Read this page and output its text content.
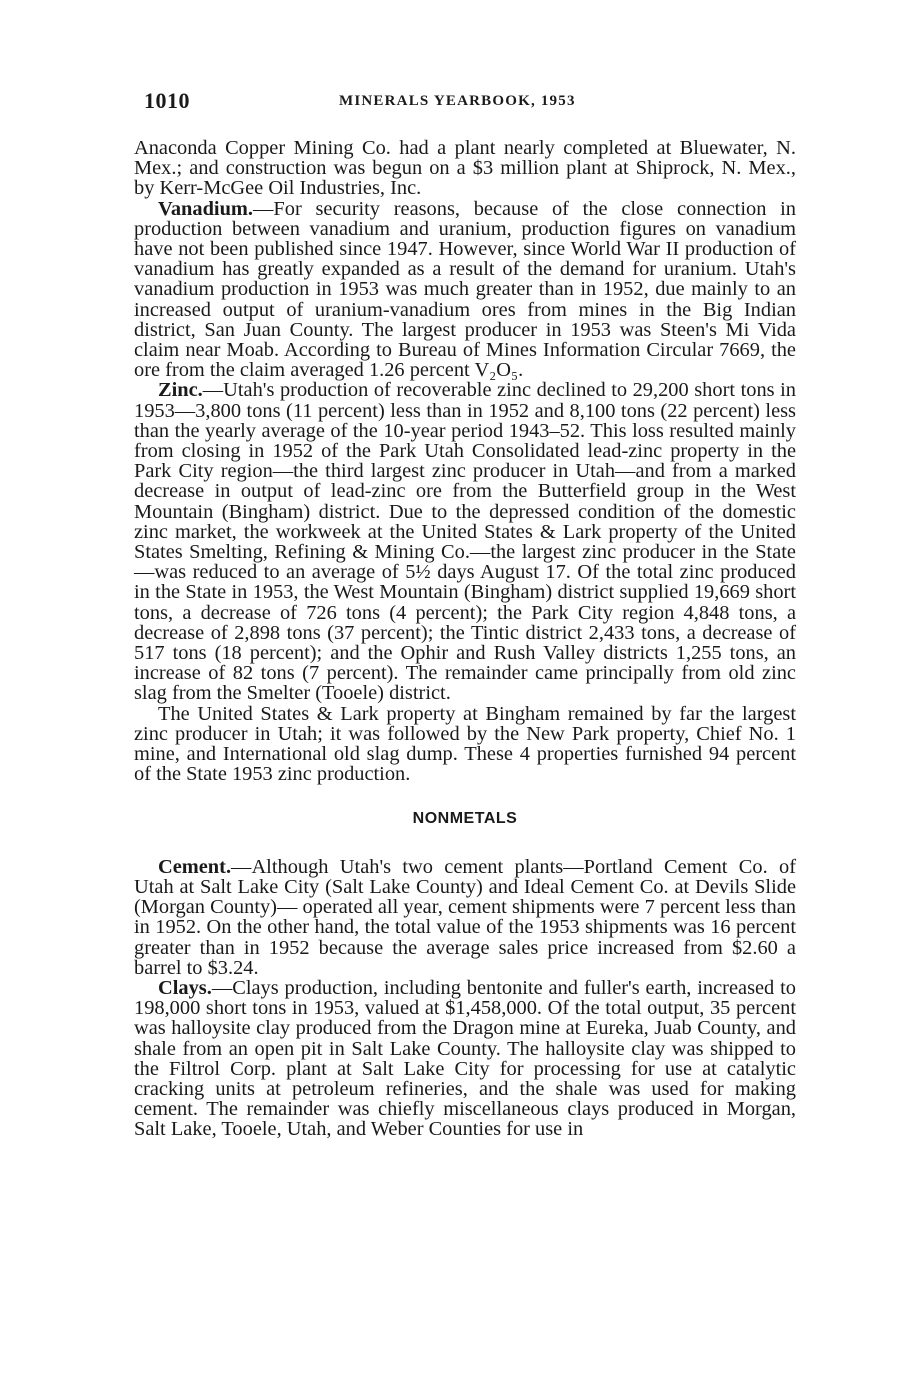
1010	MINERALS YEARBOOK, 1953

Anaconda Copper Mining Co. had a plant nearly completed at Bluewater, N. Mex.; and construction was begun on a $3 million plant at Shiprock, N. Mex., by Kerr-McGee Oil Industries, Inc.

Vanadium.—For security reasons, because of the close connection in production between vanadium and uranium, production figures on vanadium have not been published since 1947. However, since World War II production of vanadium has greatly expanded as a result of the demand for uranium. Utah's vanadium production in 1953 was much greater than in 1952, due mainly to an increased output of uranium-vanadium ores from mines in the Big Indian district, San Juan County. The largest producer in 1953 was Steen's Mi Vida claim near Moab. According to Bureau of Mines Information Circular 7669, the ore from the claim averaged 1.26 percent V₂O₅.

Zinc.—Utah's production of recoverable zinc declined to 29,200 short tons in 1953—3,800 tons (11 percent) less than in 1952 and 8,100 tons (22 percent) less than the yearly average of the 10-year period 1943–52. This loss resulted mainly from closing in 1952 of the Park Utah Consolidated lead-zinc property in the Park City region—the third largest zinc producer in Utah—and from a marked decrease in output of lead-zinc ore from the Butterfield group in the West Mountain (Bingham) district. Due to the depressed condition of the domestic zinc market, the workweek at the United States & Lark property of the United States Smelting, Refining & Mining Co.—the largest zinc producer in the State—was reduced to an average of 5½ days August 17. Of the total zinc produced in the State in 1953, the West Mountain (Bingham) district supplied 19,669 short tons, a decrease of 726 tons (4 percent); the Park City region 4,848 tons, a decrease of 2,898 tons (37 percent); the Tintic district 2,433 tons, a decrease of 517 tons (18 percent); and the Ophir and Rush Valley districts 1,255 tons, an increase of 82 tons (7 percent). The remainder came principally from old zinc slag from the Smelter (Tooele) district.

The United States & Lark property at Bingham remained by far the largest zinc producer in Utah; it was followed by the New Park property, Chief No. 1 mine, and International old slag dump. These 4 properties furnished 94 percent of the State 1953 zinc production.

NONMETALS

Cement.—Although Utah's two cement plants—Portland Cement Co. of Utah at Salt Lake City (Salt Lake County) and Ideal Cement Co. at Devils Slide (Morgan County)— operated all year, cement shipments were 7 percent less than in 1952. On the other hand, the total value of the 1953 shipments was 16 percent greater than in 1952 because the average sales price increased from $2.60 a barrel to $3.24.

Clays.—Clays production, including bentonite and fuller's earth, increased to 198,000 short tons in 1953, valued at $1,458,000. Of the total output, 35 percent was halloysite clay produced from the Dragon mine at Eureka, Juab County, and shale from an open pit in Salt Lake County. The halloysite clay was shipped to the Filtrol Corp. plant at Salt Lake City for processing for use at catalytic cracking units at petroleum refineries, and the shale was used for making cement. The remainder was chiefly miscellaneous clays produced in Morgan, Salt Lake, Tooele, Utah, and Weber Counties for use in
